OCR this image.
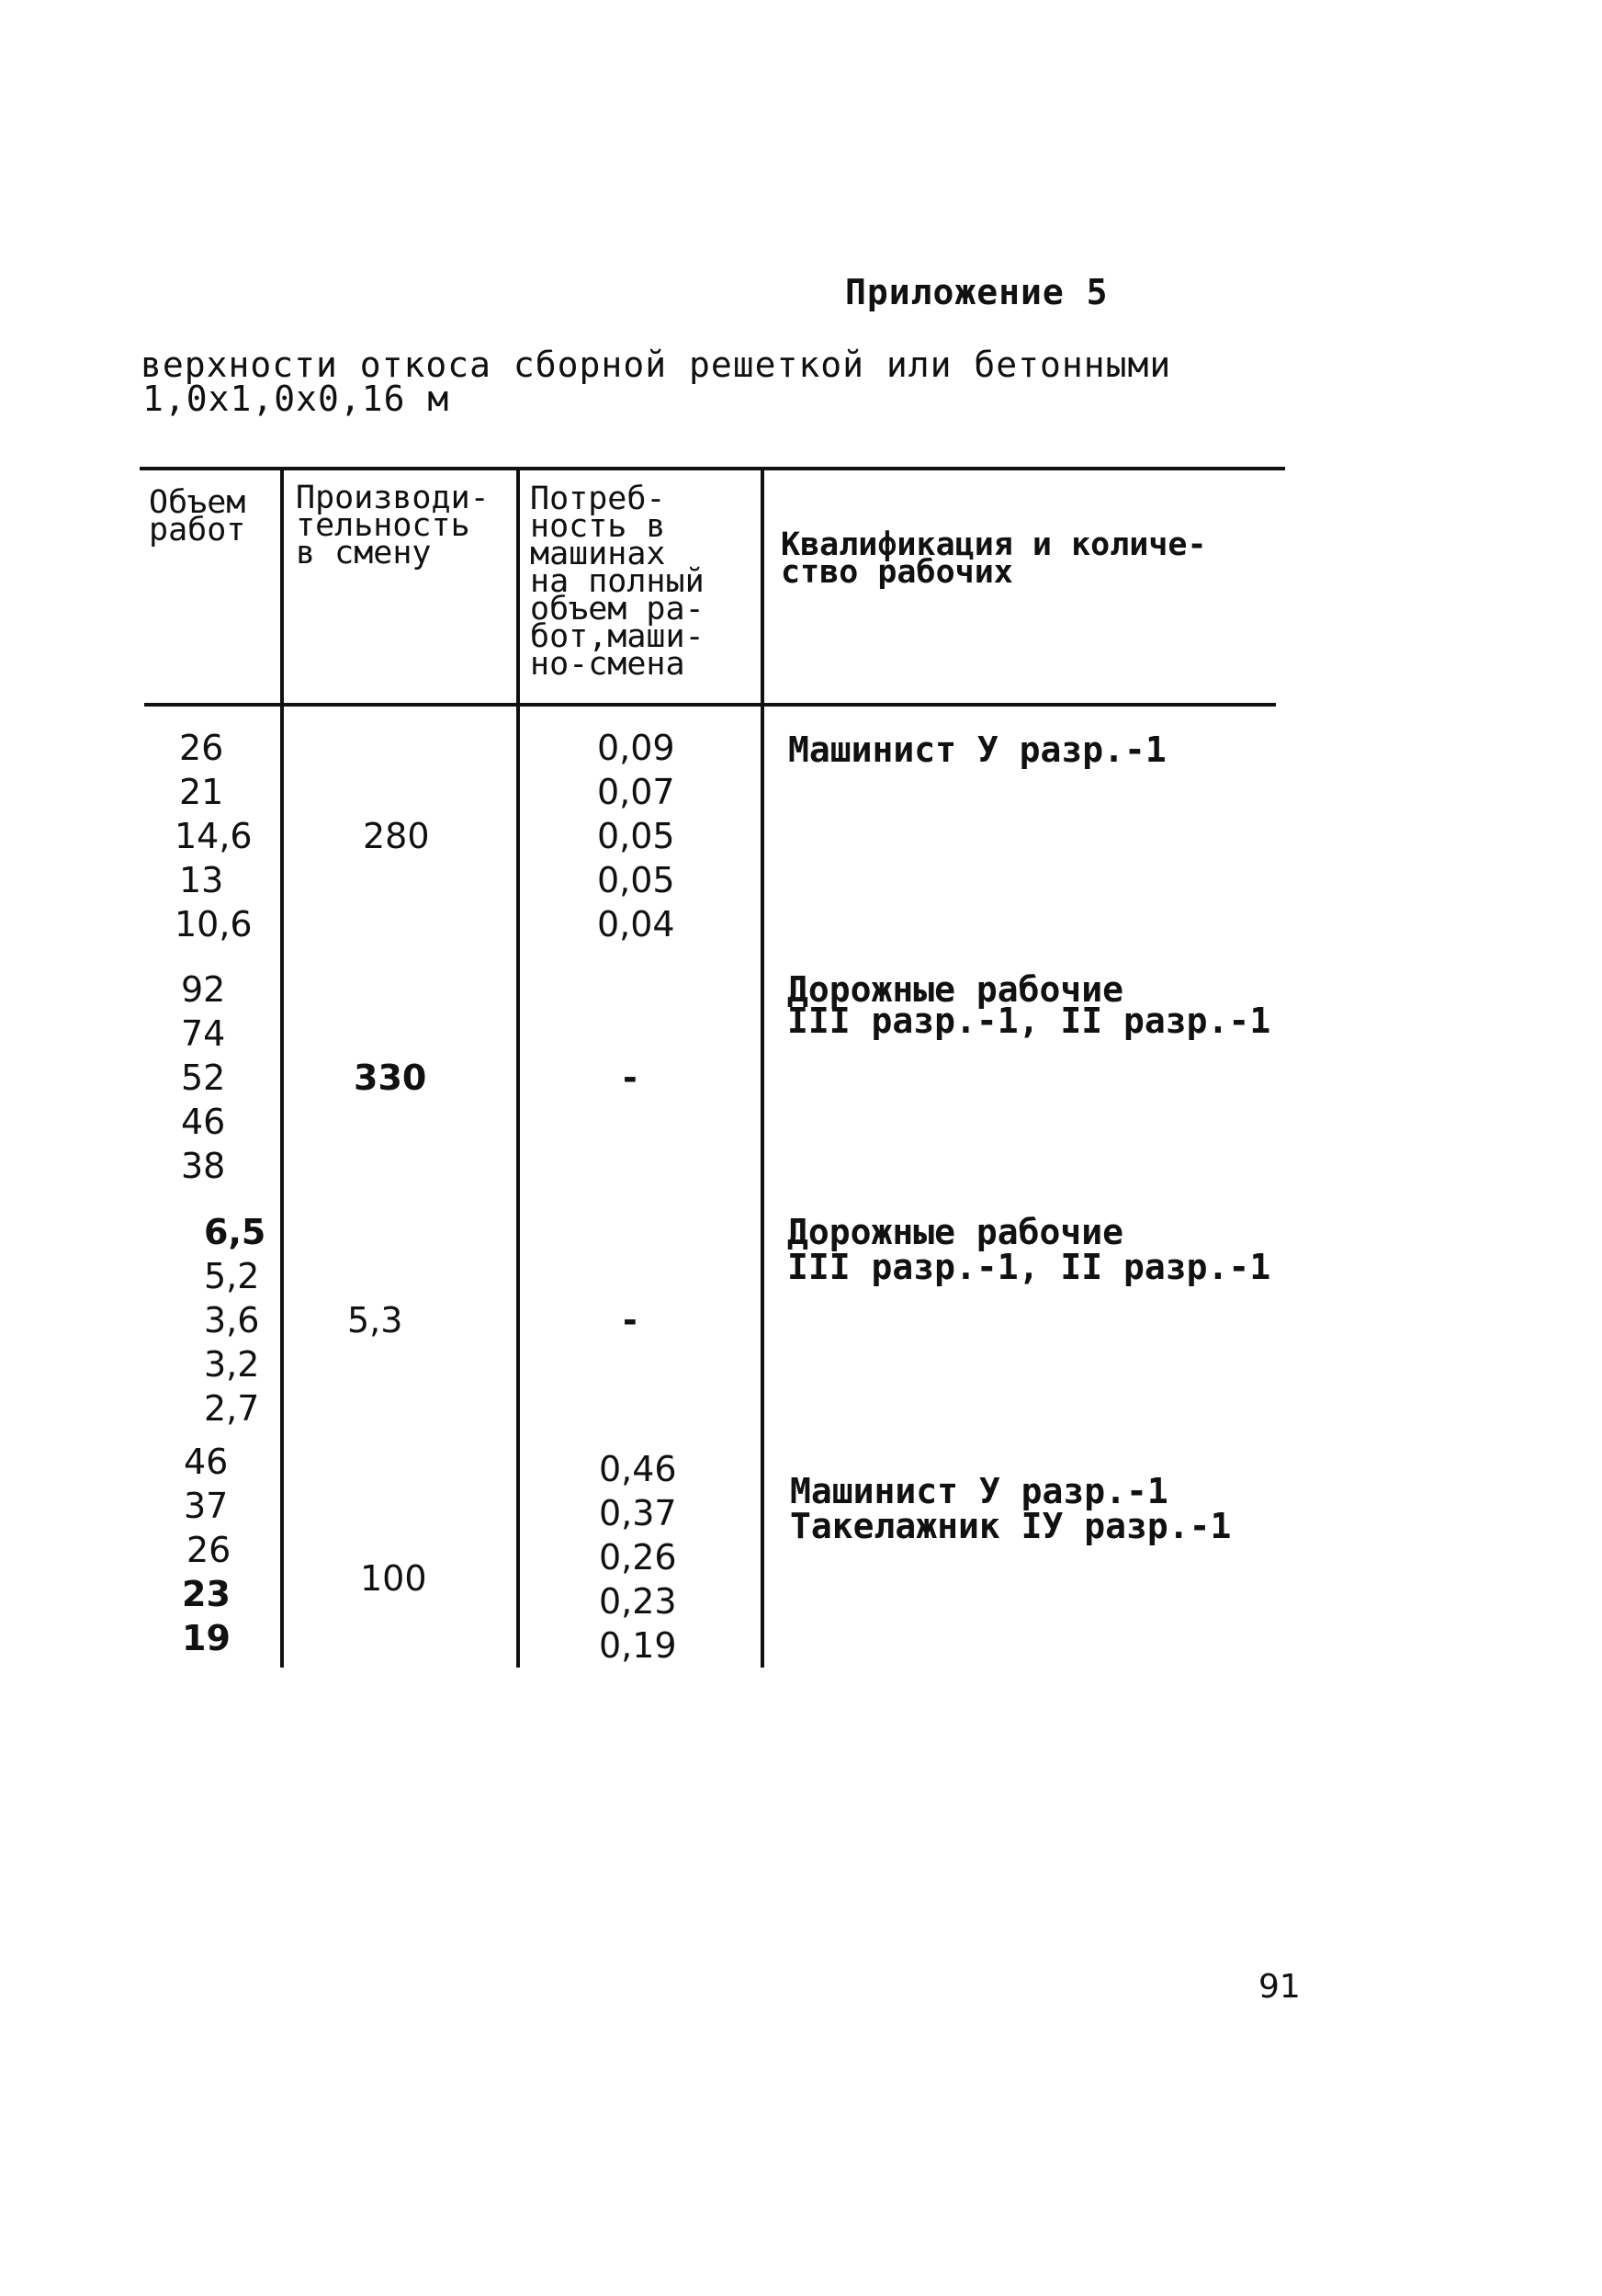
Приложение 5
верхности откоса сборной решеткой или бетонными
1,0x1,0x0,16 м
Объем
работ
Производи-
тельность
в смену
Потреб-
ность в
машинах
на полный
объем ра-
бот,маши-
но-смена
Квалификация и количе-
ство рабочих
26
21
14,6
13
10,6
280
0,09
0,07
0,05
0,05
0,04
Машинист У разр.-1
92
74
52
46
38
330	-
Дорожные рабочие
III разр.-1, II разр.-1
6,5
5,2
3,6
3,2
2,7
5,3	-
Дорожные рабочие
III разр.-1, II разр.-1
46
37
26
23
19
100
0,46
0,37
0,26
0,23
0,19
Машинист У разр.-1
Такелажник IУ разр.-1
91
